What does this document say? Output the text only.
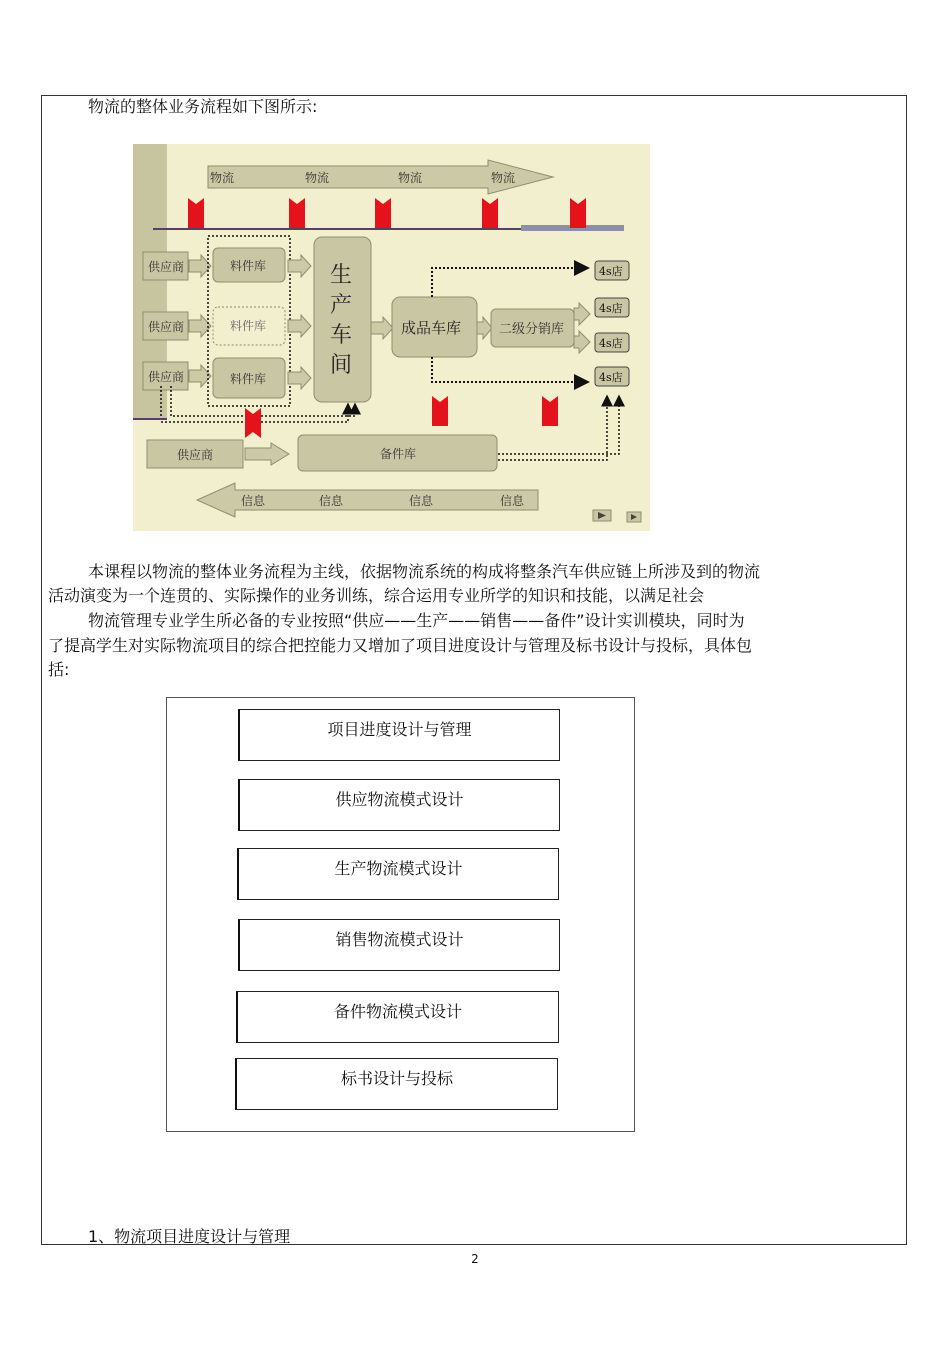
物流的整体业务流程如下图所示:
物流	物流	物流	物流
供应商
供应商
供应商
料件库
料件库
料件库
生
产
车
间
成品车库	二级分销库
4s店
4s店
4s店
4s店
供应商	备件库
信息	信息	信息	信息
本课程以物流的整体业务流程为主线，依据物流系统的构成将整条汽车供应链上所涉及到的物流
活动演变为一个连贯的、实际操作的业务训练，综合运用专业所学的知识和技能，以满足社会
物流管理专业学生所必备的专业按照“供应——生产——销售——备件”设计实训模块，同时为
了提高学生对实际物流项目的综合把控能力又增加了项目进度设计与管理及标书设计与投标，具体包
括:
项目进度设计与管理
供应物流模式设计
生产物流模式设计
销售物流模式设计
备件物流模式设计
标书设计与投标
1、物流项目进度设计与管理
2
